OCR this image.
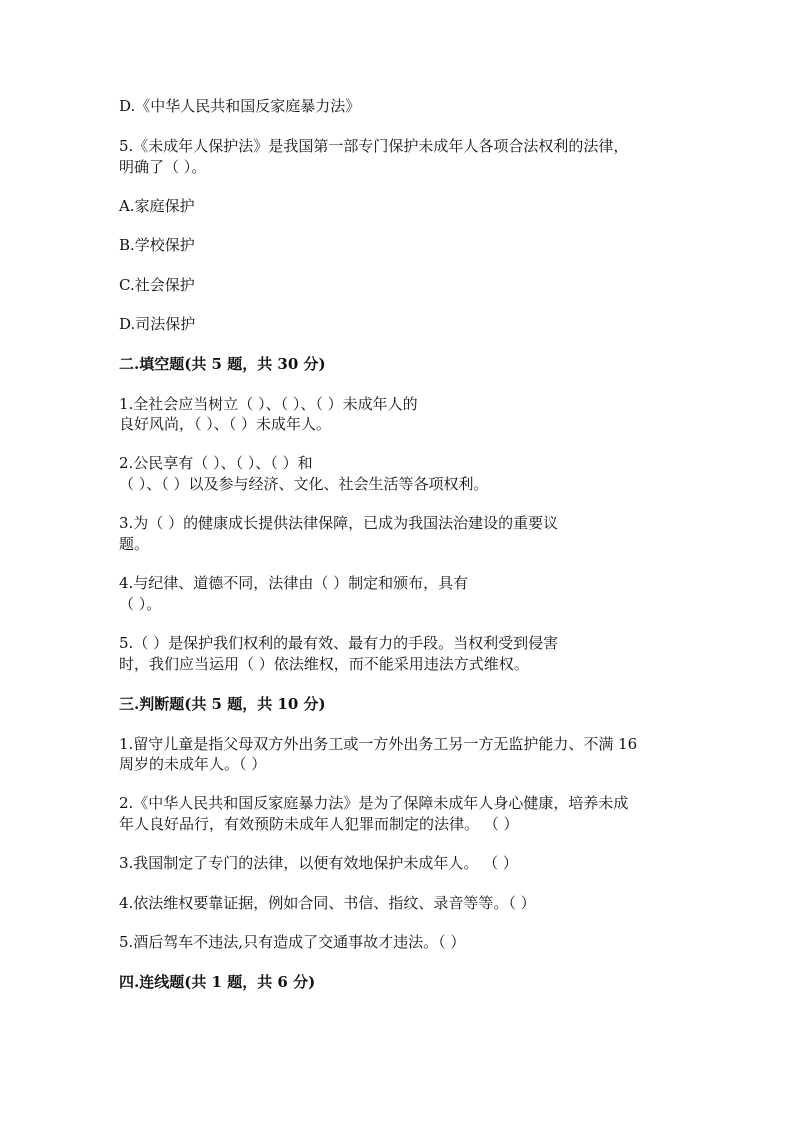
D.《中华人民共和国反家庭暴力法》
5.《未成年人保护法》是我国第一部专门保护未成年人各项合法权利的法律，
明确了（ ）。
A.家庭保护
B.学校保护
C.社会保护
D.司法保护
二.填空题(共 5 题，共 30 分)
1.全社会应当树立（ ）、（ ）、（ ）未成年人的
良好风尚，（ ）、（ ）未成年人。
2.公民享有（ ）、（ ）、（ ）和
（ ）、（ ）以及参与经济、文化、社会生活等各项权利。
3.为（ ）的健康成长提供法律保障，已成为我国法治建设的重要议
题。
4.与纪律、道德不同，法律由（ ）制定和颁布，具有
（ ）。
5.（ ）是保护我们权利的最有效、最有力的手段。当权利受到侵害
时，我们应当运用（ ）依法维权，而不能采用违法方式维权。
三.判断题(共 5 题，共 10 分)
1.留守儿童是指父母双方外出务工或一方外出务工另一方无监护能力、不满 16
周岁的未成年人。（ ）
2.《中华人民共和国反家庭暴力法》是为了保障未成年人身心健康，培养未成
年人良好品行，有效预防未成年人犯罪而制定的法律。 （ ）
3.我国制定了专门的法律，以便有效地保护未成年人。 （ ）
4.依法维权要靠证据，例如合同、书信、指纹、录音等等。（ ）
5.酒后驾车不违法,只有造成了交通事故才违法。（ ）
四.连线题(共 1 题，共 6 分)
